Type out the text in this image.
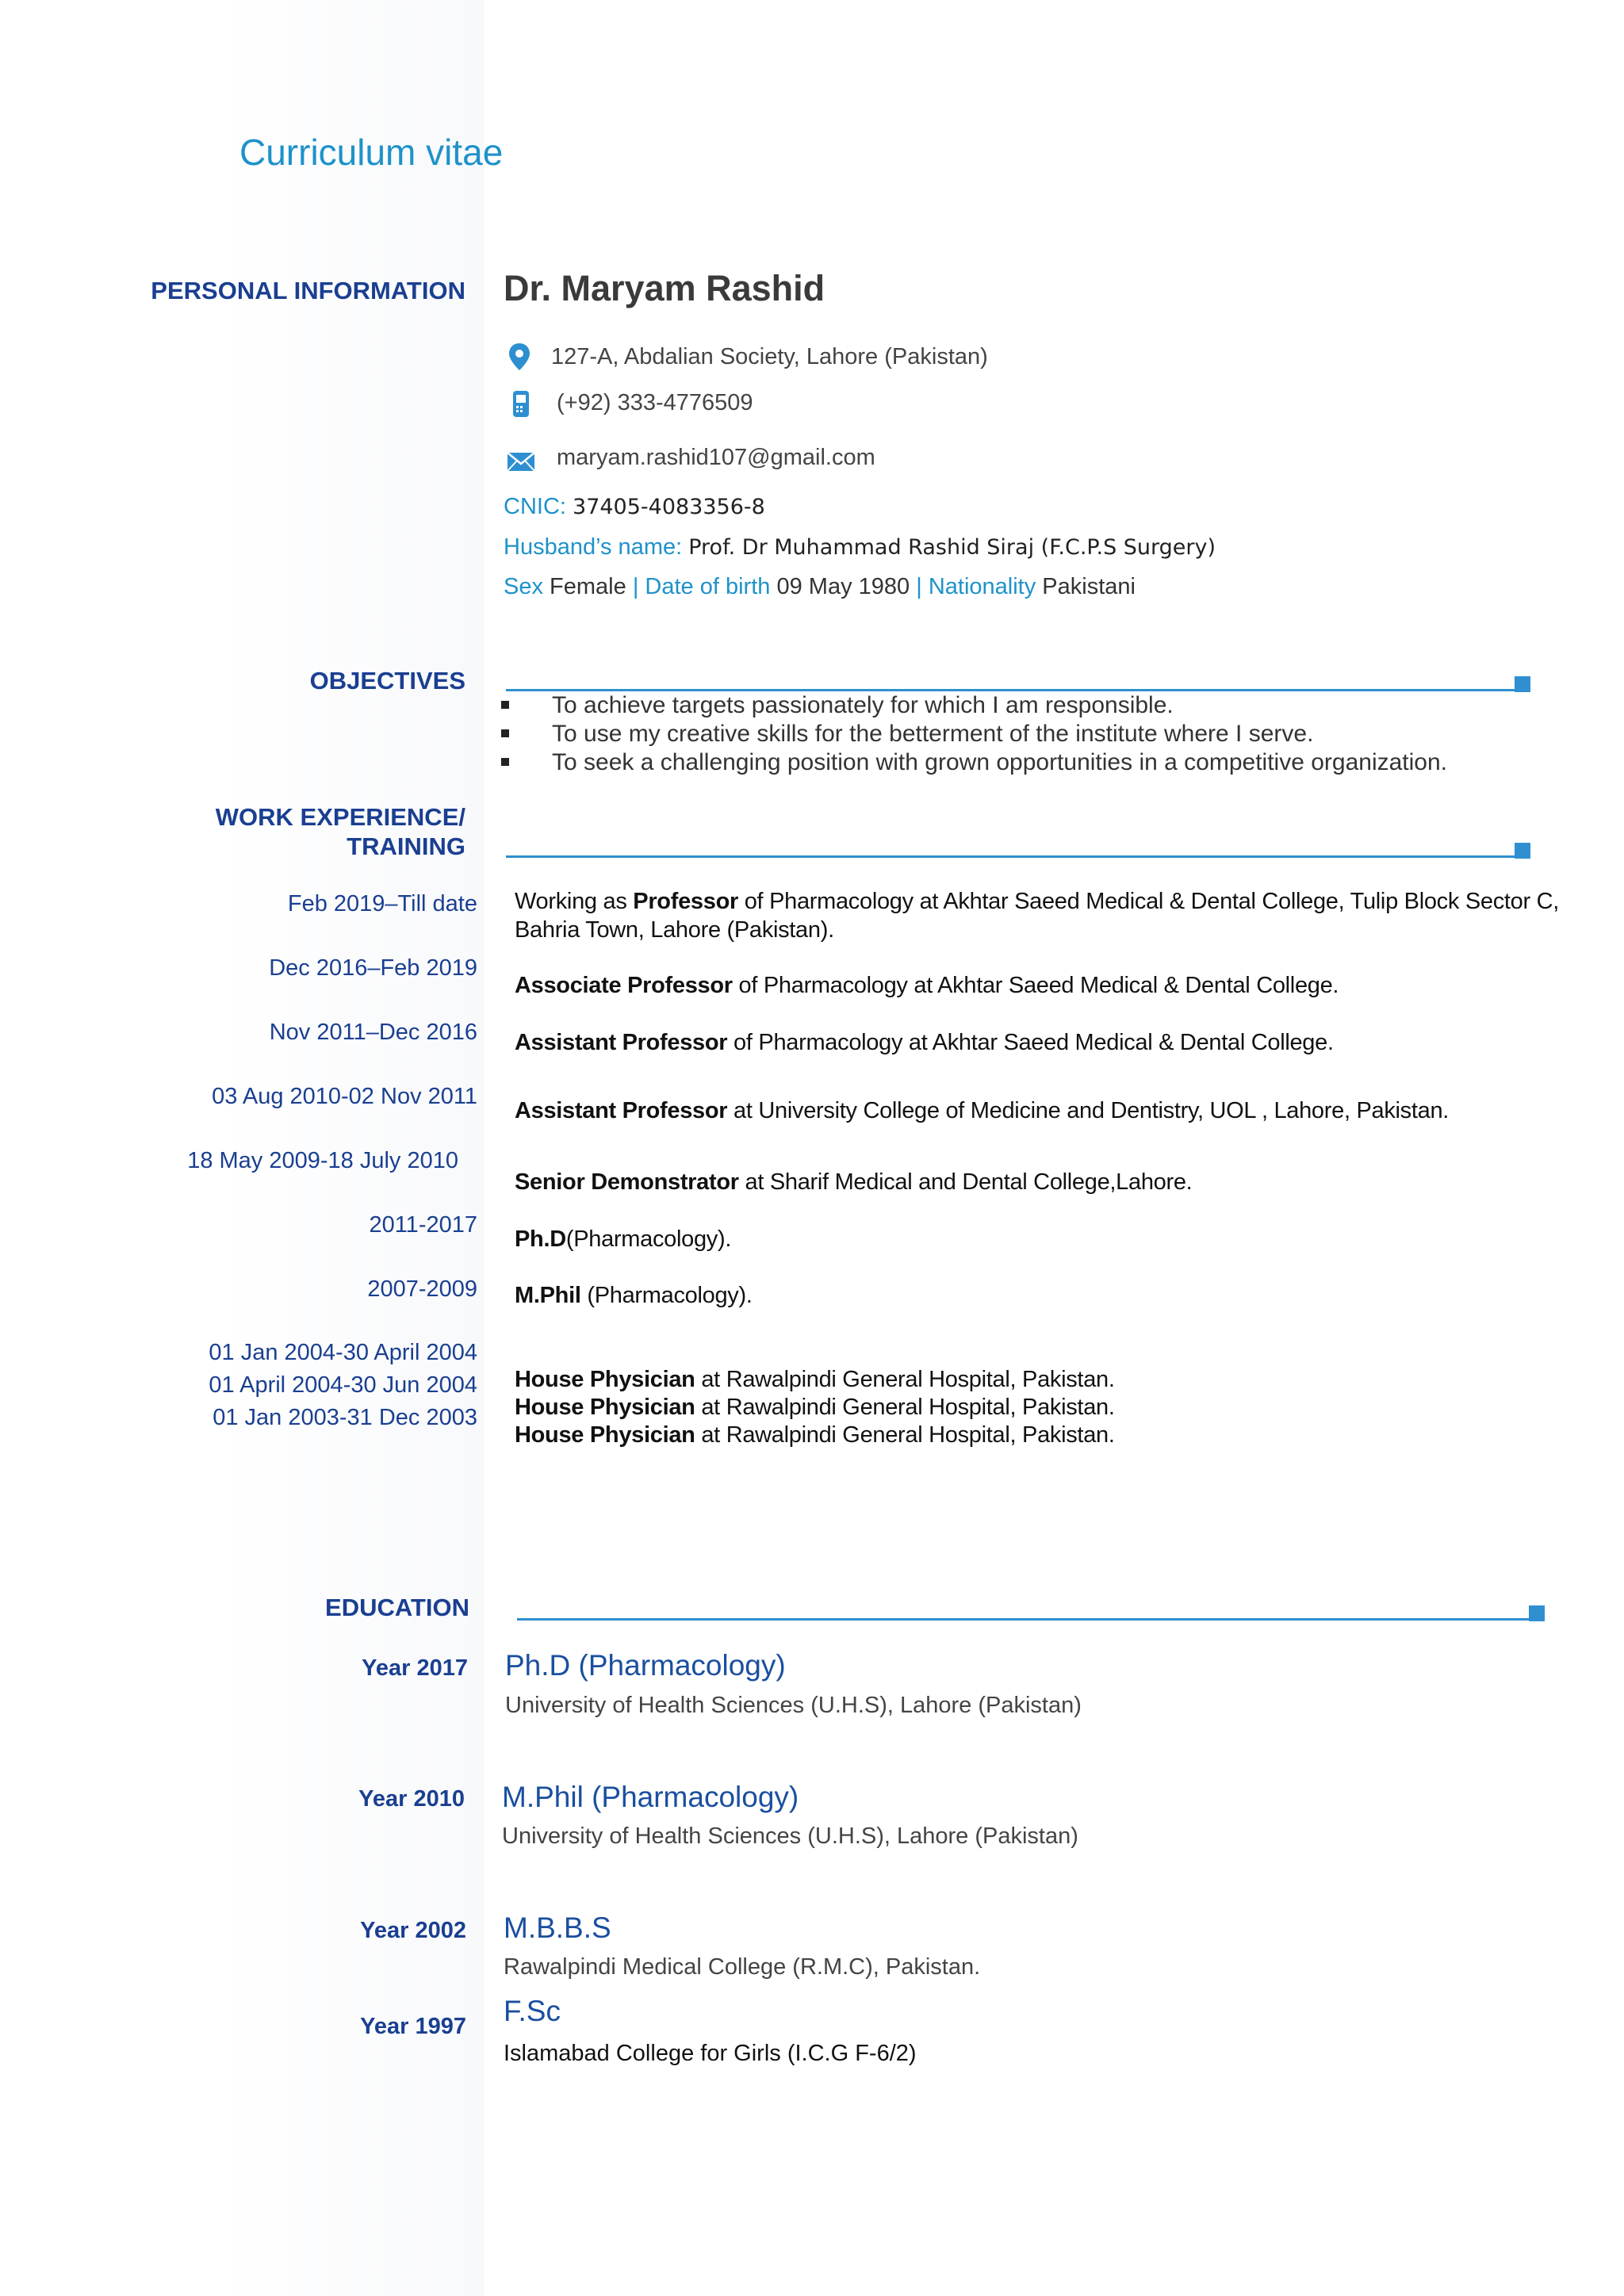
Curriculum vitae
PERSONAL INFORMATION Dr. Maryam Rashid
127-A, Abdalian Society, Lahore (Pakistan)
(+92) 333-4776509
maryam.rashid107@gmail.com
CNIC: 37405-4083356-8
Husband’s name: Prof. Dr Muhammad Rashid Siraj (F.C.P.S Surgery)
Sex Female | Date of birth 09 May 1980 | Nationality Pakistani
OBJECTIVES
To achieve targets passionately for which I am responsible.
To use my creative skills for the betterment of the institute where I serve.
To seek a challenging position with grown opportunities in a competitive organization.
WORK EXPERIENCE/
TRAINING
Feb 2019–Till date
Dec 2016–Feb 2019
Nov 2011–Dec 2016
03 Aug 2010-02 Nov 2011
18 May 2009-18 July 2010
2011-2017
2007-2009
01 Jan 2004-30 April 2004
01 April 2004-30 Jun 2004
01 Jan 2003-31 Dec 2003
Working as Professor of Pharmacology at Akhtar Saeed Medical & Dental College, Tulip Block Sector C, Bahria Town, Lahore (Pakistan).
Associate Professor of Pharmacology at Akhtar Saeed Medical & Dental College.
Assistant Professor of Pharmacology at Akhtar Saeed Medical & Dental College.
Assistant Professor at University College of Medicine and Dentistry, UOL , Lahore, Pakistan.
Senior Demonstrator at Sharif Medical and Dental College,Lahore.
Ph.D(Pharmacology).
M.Phil (Pharmacology).
House Physician at Rawalpindi General Hospital, Pakistan.
House Physician at Rawalpindi General Hospital, Pakistan.
House Physician at Rawalpindi General Hospital, Pakistan.
EDUCATION
Year 2017 Ph.D (Pharmacology)
University of Health Sciences (U.H.S), Lahore (Pakistan)
Year 2010 M.Phil (Pharmacology)
University of Health Sciences (U.H.S), Lahore (Pakistan)
Year 2002 M.B.B.S
Rawalpindi Medical College (R.M.C), Pakistan.
Year 1997 F.Sc
Islamabad College for Girls (I.C.G F-6/2)
